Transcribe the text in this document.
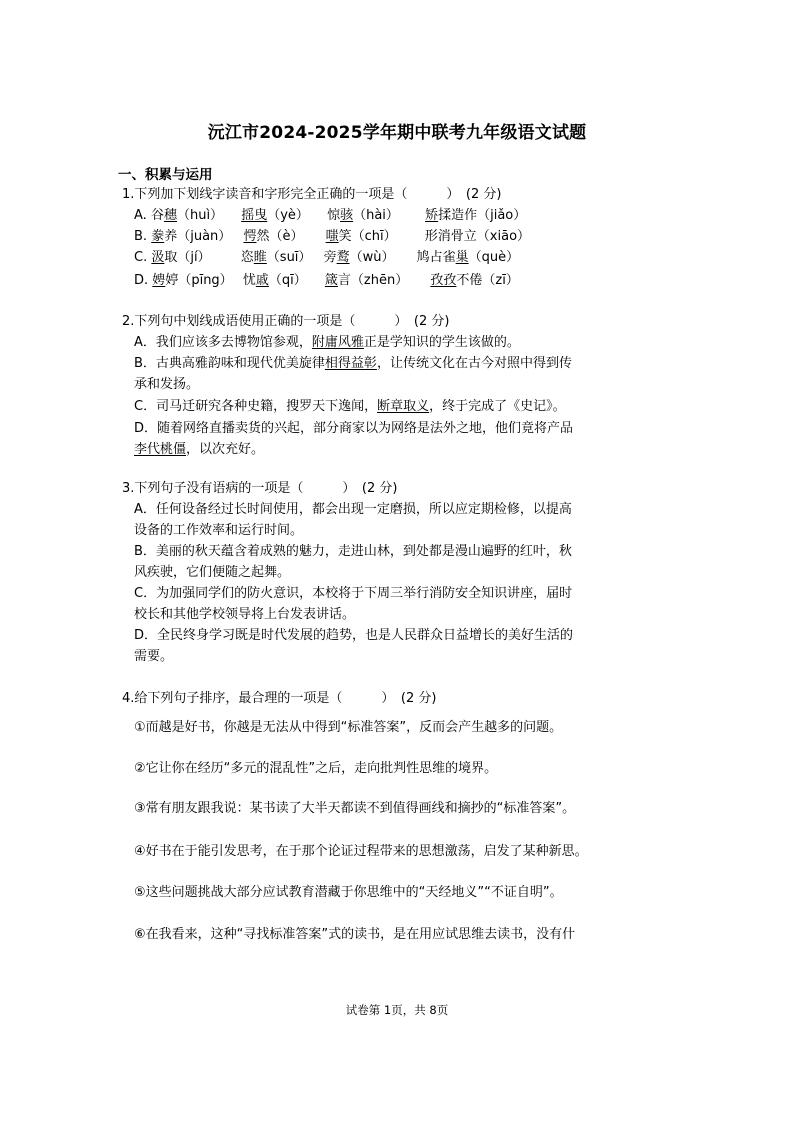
沅江市2024-2025学年期中联考九年级语文试题
一、积累与运用
1.下列加下划线字读音和字形完全正确的一项是（　　　）　(2 分)
A. 谷穗（huì） 摇曳（yè） 惊骇（hài） 矫揉造作（jiǎo）
B. 豢养（juàn） 愕然（è） 嗤笑（chī） 形消骨立（xiāo）
C. 汲取（jí） 恣睢（suī） 旁鹜（wù） 鸠占雀巢（què）
D. 娉婷（pīng） 忧戚（qī） 箴言（zhēn） 孜孜不倦（zī）
2.下列句中划线成语使用正确的一项是（　　　）　(2 分)
A．我们应该多去博物馆参观，附庸风雅正是学知识的学生该做的。
B．古典高雅韵味和现代优美旋律相得益彰，让传统文化在古今对照中得到传
承和发扬。
C．司马迁研究各种史籍，搜罗天下逸闻，断章取义，终于完成了《史记》。
D．随着网络直播卖货的兴起，部分商家以为网络是法外之地，他们竟将产品
李代桃僵，以次充好。
3.下列句子没有语病的一项是（　　　）　(2 分)
A．任何设备经过长时间使用，都会出现一定磨损，所以应定期检修，以提高
设备的工作效率和运行时间。
B．美丽的秋天蕴含着成熟的魅力，走进山林，到处都是漫山遍野的红叶，秋
风疾驶，它们便随之起舞。
C．为加强同学们的防火意识，本校将于下周三举行消防安全知识讲座，届时
校长和其他学校领导将上台发表讲话。
D．全民终身学习既是时代发展的趋势，也是人民群众日益增长的美好生活的
需要。
4.给下列句子排序，最合理的一项是（　　　）　(2 分)
①而越是好书，你越是无法从中得到“标准答案”，反而会产生越多的问题。
②它让你在经历“多元的混乱性”之后，走向批判性思维的境界。
③常有朋友跟我说：某书读了大半天都读不到值得画线和摘抄的“标准答案”。
④好书在于能引发思考，在于那个论证过程带来的思想激荡，启发了某种新思。
⑤这些问题挑战大部分应试教育潜藏于你思维中的“天经地义”“不证自明”。
⑥在我看来，这种“寻找标准答案”式的读书，是在用应试思维去读书，没有什
试卷第 1页，共 8页
